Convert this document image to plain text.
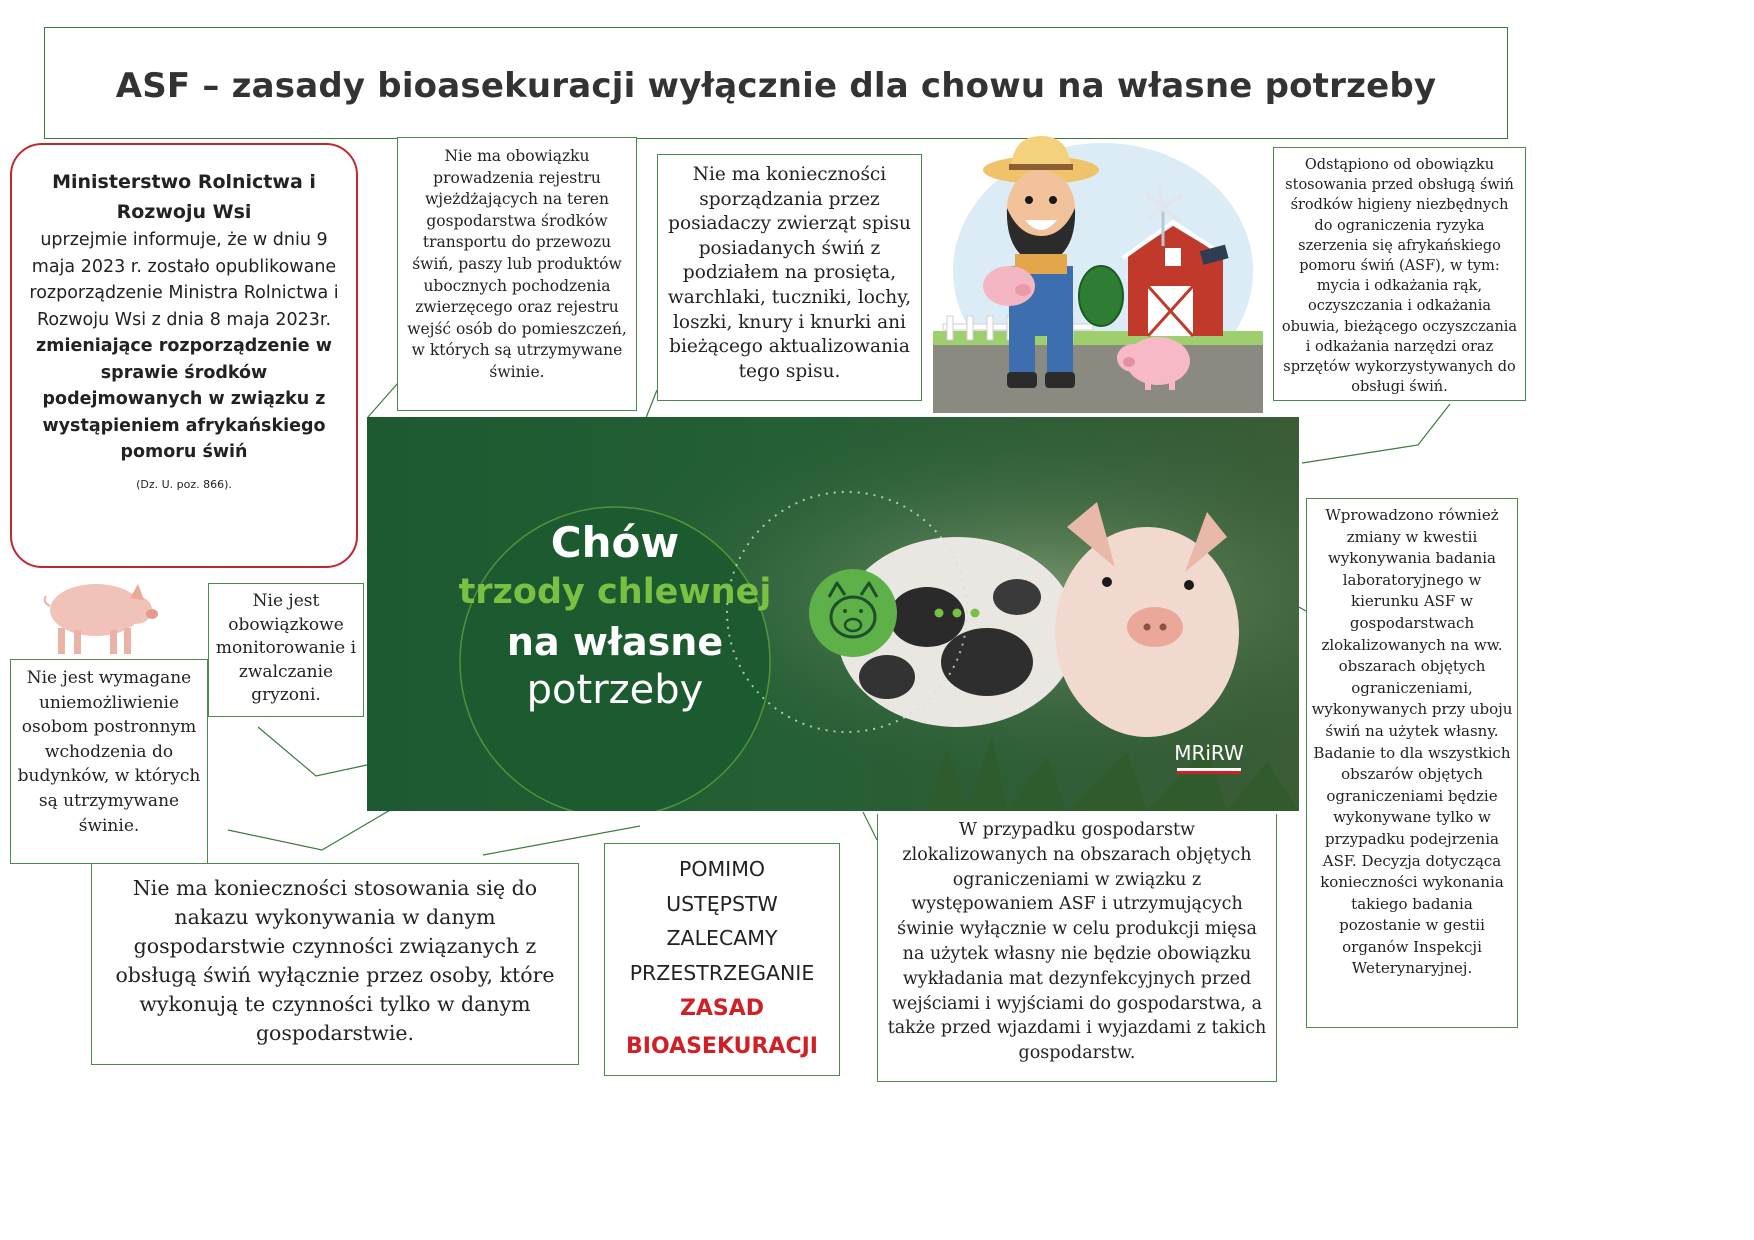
ASF – zasady bioasekuracji wyłącznie dla chowu na własne potrzeby
Ministerstwo Rolnictwa i Rozwoju Wsi
uprzejmie informuje, że w dniu 9 maja 2023 r. zostało opublikowane rozporządzenie Ministra Rolnictwa i Rozwoju Wsi z dnia 8 maja 2023r.
zmieniające rozporządzenie w sprawie środków podejmowanych w związku z wystąpieniem afrykańskiego pomoru świń
(Dz. U. poz. 866).
Nie ma obowiązku prowadzenia rejestru wjeżdżających na teren gospodarstwa środków transportu do przewozu świń, paszy lub produktów ubocznych pochodzenia zwierzęcego oraz rejestru wejść osób do pomieszczeń, w których są utrzymywane świnie.
Nie ma konieczności sporządzania przez posiadaczy zwierząt spisu posiadanych świń z podziałem na prosięta, warchlaki, tuczniki, lochy, loszki, knury i knurki ani bieżącego aktualizowania tego spisu.
Odstąpiono od obowiązku stosowania przed obsługą świń środków higieny niezbędnych do ograniczenia ryzyka szerzenia się afrykańskiego pomoru świń (ASF), w tym: mycia i odkażania rąk, oczyszczania i odkażania obuwia, bieżącego oczyszczania i odkażania narzędzi oraz sprzętów wykorzystywanych do obsługi świń.
Nie jest obowiązkowe monitorowanie i zwalczanie gryzoni.
Nie jest wymagane uniemożliwienie osobom postronnym wchodzenia do budynków, w których są utrzymywane świnie.
Nie ma konieczności stosowania się do nakazu wykonywania w danym gospodarstwie czynności związanych z obsługą świń wyłącznie przez osoby, które wykonują te czynności tylko w danym gospodarstwie.
W przypadku gospodarstw zlokalizowanych na obszarach objętych ograniczeniami w związku z występowaniem ASF i utrzymujących świnie wyłącznie w celu produkcji mięsa na użytek własny nie będzie obowiązku wykładania mat dezynfekcyjnych przed wejściami i wyjściami do gospodarstwa, a także przed wjazdami i wyjazdami z takich gospodarstw.
Wprowadzono również zmiany w kwestii wykonywania badania laboratoryjnego w kierunku ASF w gospodarstwach zlokalizowanych na ww. obszarach objętych ograniczeniami, wykonywanych przy uboju świń na użytek własny. Badanie to dla wszystkich obszarów objętych ograniczeniami będzie wykonywane tylko w przypadku podejrzenia ASF. Decyzja dotycząca konieczności wykonania takiego badania pozostanie w gestii organów Inspekcji Weterynaryjnej.
POMIMO
USTĘPSTW
ZALECAMY
PRZESTRZEGANIE
ZASAD
BIOASEKURACJI
Chów
trzody chlewnej
na własne
potrzeby
MRiRW
